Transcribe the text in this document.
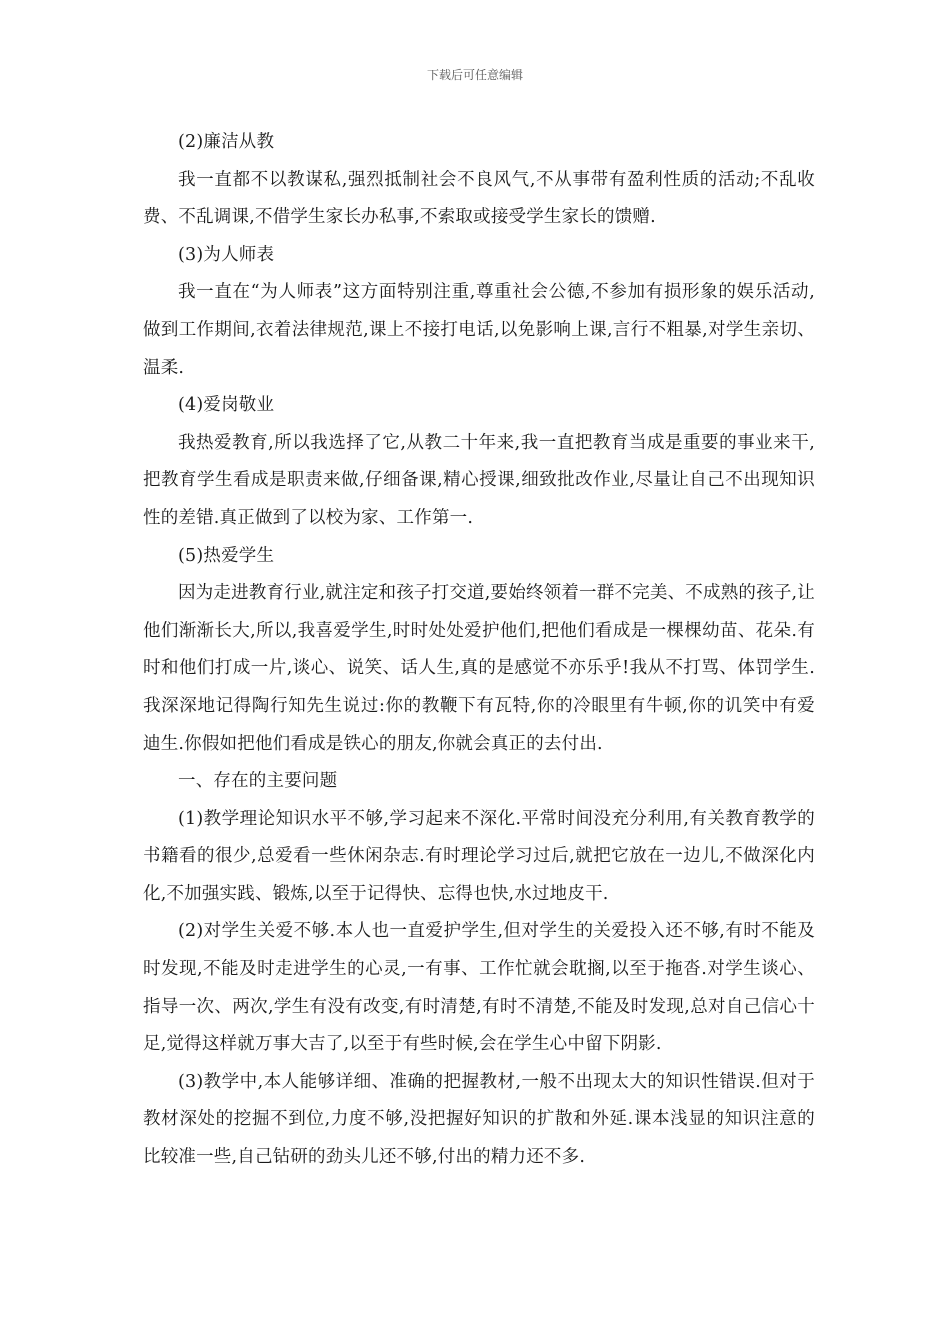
下载后可任意编辑

(2)廉洁从教

我一直都不以教谋私,强烈抵制社会不良风气,不从事带有盈利性质的活动;不乱收费、不乱调课,不借学生家长办私事,不索取或接受学生家长的馈赠.

(3)为人师表

我一直在“为人师表”这方面特别注重,尊重社会公德,不参加有损形象的娱乐活动,做到工作期间,衣着法律规范,课上不接打电话,以免影响上课,言行不粗暴,对学生亲切、温柔.

(4)爱岗敬业

我热爱教育,所以我选择了它,从教二十年来,我一直把教育当成是重要的事业来干,把教育学生看成是职责来做,仔细备课,精心授课,细致批改作业,尽量让自己不出现知识性的差错.真正做到了以校为家、工作第一.

(5)热爱学生

因为走进教育行业,就注定和孩子打交道,要始终领着一群不完美、不成熟的孩子,让他们渐渐长大,所以,我喜爱学生,时时处处爱护他们,把他们看成是一棵棵幼苗、花朵.有时和他们打成一片,谈心、说笑、话人生,真的是感觉不亦乐乎!我从不打骂、体罚学生.我深深地记得陶行知先生说过:你的教鞭下有瓦特,你的冷眼里有牛顿,你的讥笑中有爱迪生.你假如把他们看成是铁心的朋友,你就会真正的去付出.

一、存在的主要问题

(1)教学理论知识水平不够,学习起来不深化.平常时间没充分利用,有关教育教学的书籍看的很少,总爱看一些休闲杂志.有时理论学习过后,就把它放在一边儿,不做深化内化,不加强实践、锻炼,以至于记得快、忘得也快,水过地皮干.

(2)对学生关爱不够.本人也一直爱护学生,但对学生的关爱投入还不够,有时不能及时发现,不能及时走进学生的心灵,一有事、工作忙就会耽搁,以至于拖沓.对学生谈心、指导一次、两次,学生有没有改变,有时清楚,有时不清楚,不能及时发现,总对自己信心十足,觉得这样就万事大吉了,以至于有些时候,会在学生心中留下阴影.

(3)教学中,本人能够详细、准确的把握教材,一般不出现太大的知识性错误.但对于教材深处的挖掘不到位,力度不够,没把握好知识的扩散和外延.课本浅显的知识注意的比较准一些,自己钻研的劲头儿还不够,付出的精力还不多.
